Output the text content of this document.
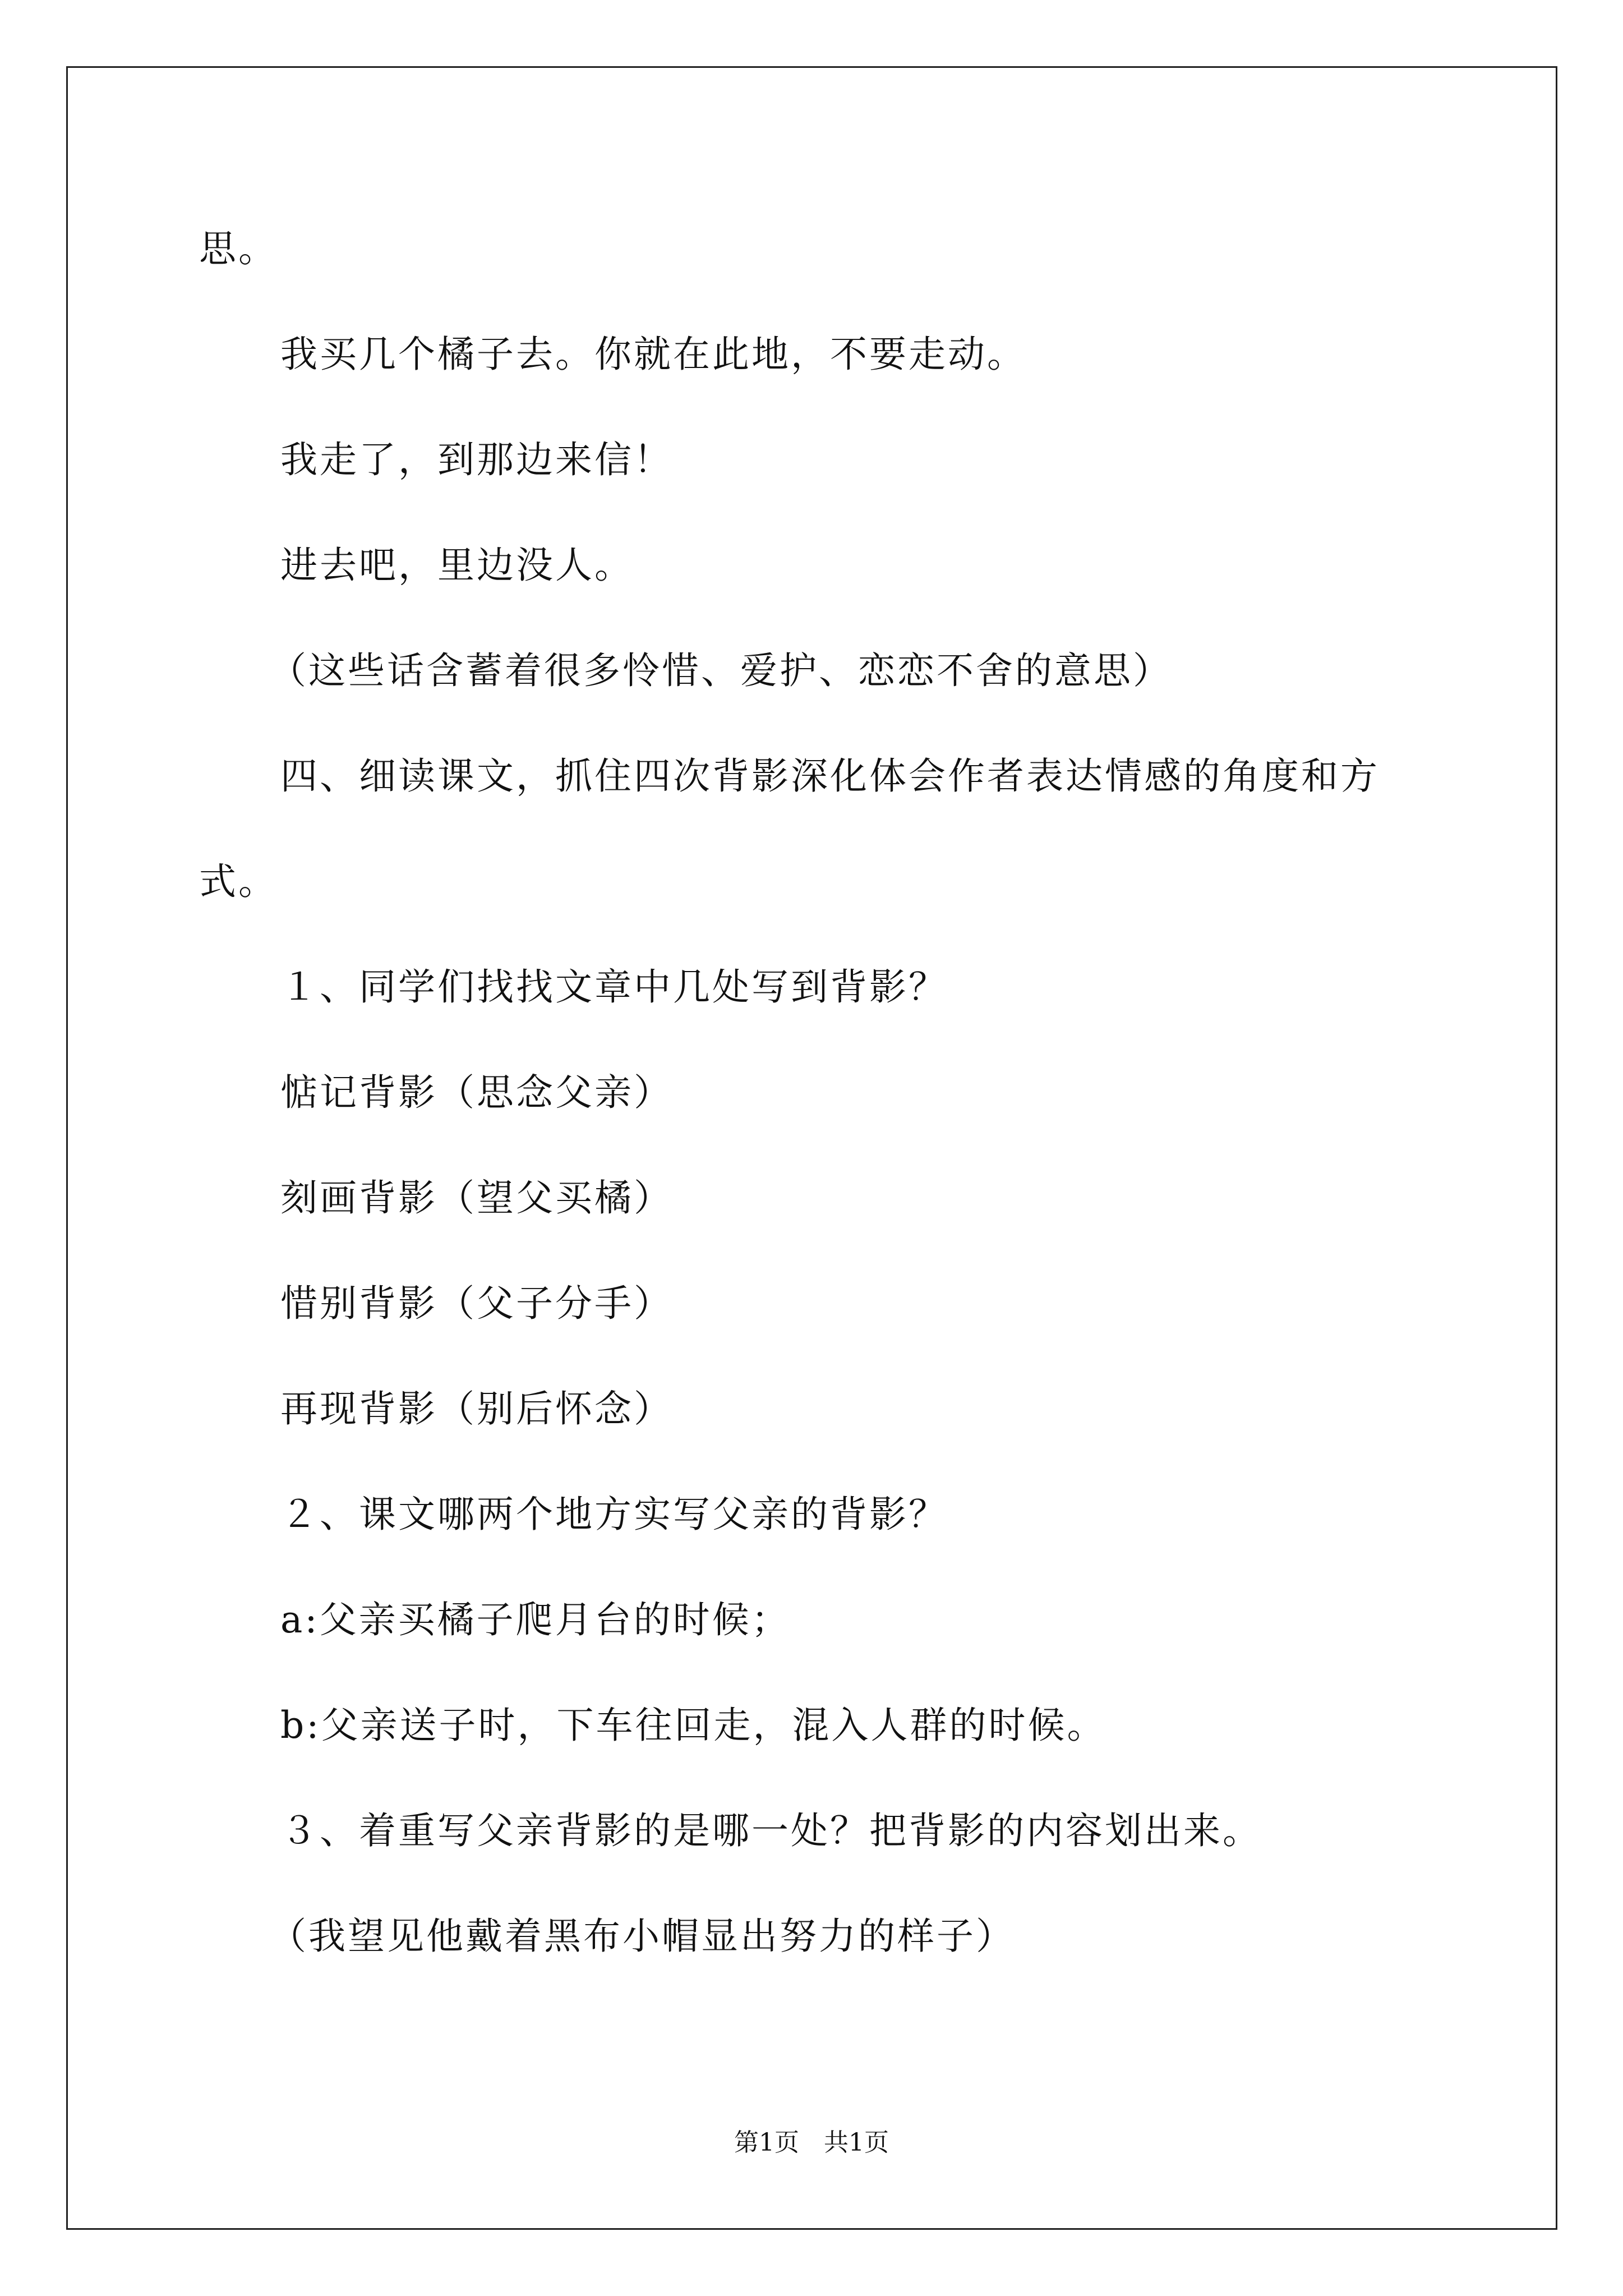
思。
我买几个橘子去。你就在此地，不要走动。
我走了，到那边来信！
进去吧，里边没人。
（这些话含蓄着很多怜惜、爱护、恋恋不舍的意思）
四、细读课文，抓住四次背影深化体会作者表达情感的角度和方
式。
１、同学们找找文章中几处写到背影？
惦记背影（思念父亲）
刻画背影（望父买橘）
惜别背影（父子分手）
再现背影（别后怀念）
２、课文哪两个地方实写父亲的背影？
a:父亲买橘子爬月台的时候；
b:父亲送子时，下车往回走，混入人群的时候。
３、着重写父亲背影的是哪一处？把背影的内容划出来。
（我望见他戴着黑布小帽显出努力的样子）
第1页　共1页
